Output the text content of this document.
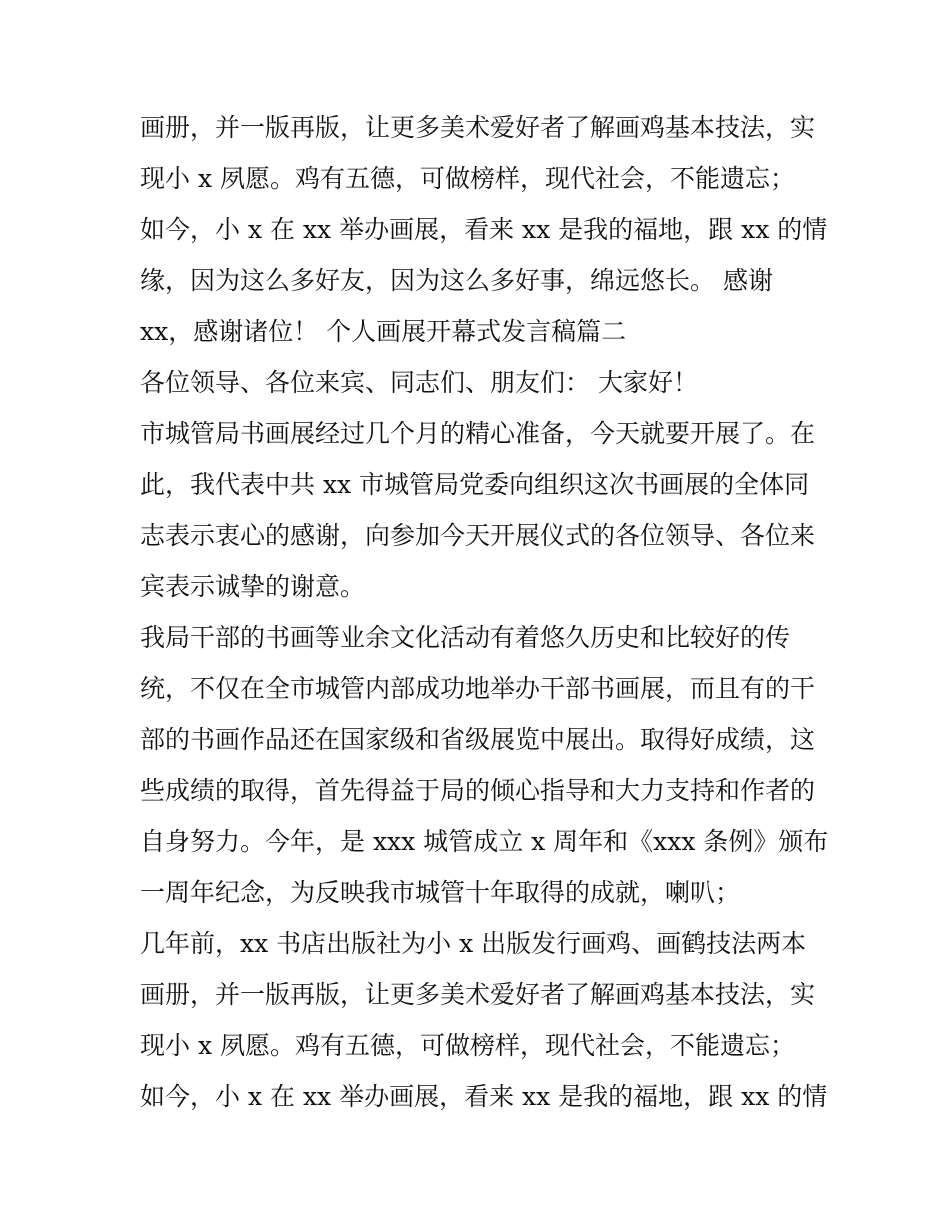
画册，并一版再版，让更多美术爱好者了解画鸡基本技法，实
现小 x 夙愿。鸡有五德，可做榜样，现代社会，不能遗忘；
如今，小 x 在 xx 举办画展，看来 xx 是我的福地，跟 xx 的情
缘，因为这么多好友，因为这么多好事，绵远悠长。 感谢
xx，感谢诸位！ 个人画展开幕式发言稿篇二
各位领导、各位来宾、同志们、朋友们： 大家好！
市城管局书画展经过几个月的精心准备，今天就要开展了。在
此，我代表中共 xx 市城管局党委向组织这次书画展的全体同
志表示衷心的感谢，向参加今天开展仪式的各位领导、各位来
宾表示诚挚的谢意。
我局干部的书画等业余文化活动有着悠久历史和比较好的传
统，不仅在全市城管内部成功地举办干部书画展，而且有的干
部的书画作品还在国家级和省级展览中展出。取得好成绩，这
些成绩的取得，首先得益于局的倾心指导和大力支持和作者的
自身努力。今年，是 xxx 城管成立 x 周年和《xxx 条例》颁布
一周年纪念，为反映我市城管十年取得的成就，喇叭；
几年前，xx 书店出版社为小 x 出版发行画鸡、画鹤技法两本
画册，并一版再版，让更多美术爱好者了解画鸡基本技法，实
现小 x 夙愿。鸡有五德，可做榜样，现代社会，不能遗忘；
如今，小 x 在 xx 举办画展，看来 xx 是我的福地，跟 xx 的情
